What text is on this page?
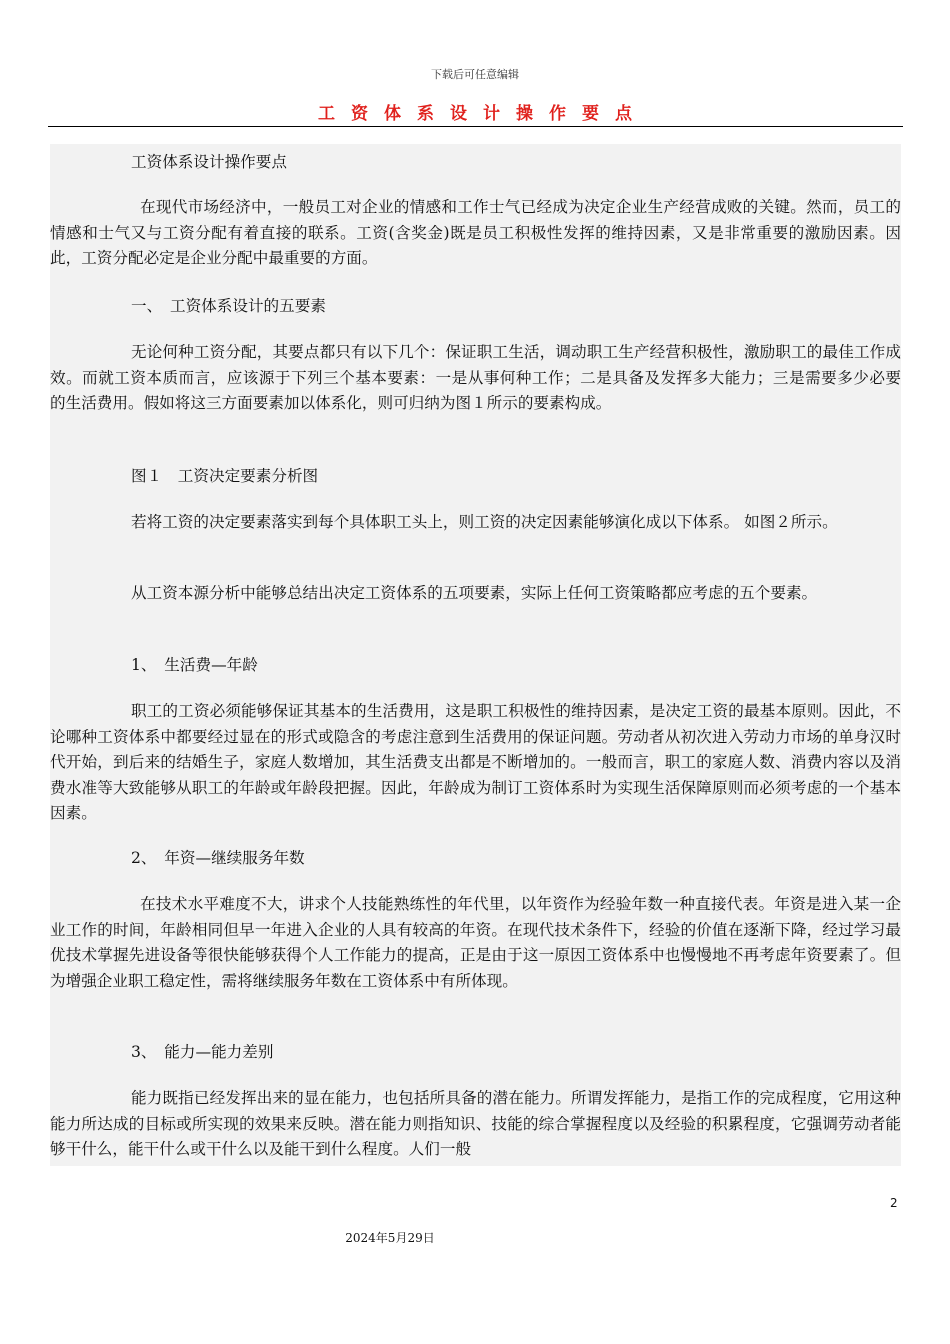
下载后可任意编辑
工资体系设计操作要点

工资体系设计操作要点

在现代市场经济中，一般员工对企业的情感和工作士气已经成为决定企业生产经营成败的关键。然而，员工的情感和士气又与工资分配有着直接的联系。工资(含奖金)既是员工积极性发挥的维持因素，又是非常重要的激励因素。因此，工资分配必定是企业分配中最重要的方面。

一、　工资体系设计的五要素

无论何种工资分配，其要点都只有以下几个：保证职工生活，调动职工生产经营积极性，激励职工的最佳工作成效。而就工资本质而言，应该源于下列三个基本要素：一是从事何种工作；二是具备及发挥多大能力；三是需要多少必要　的生活费用。假如将这三方面要素加以体系化，则可归纳为图１所示的要素构成。

图１　工资决定要素分析图

若将工资的决定要素落实到每个具体职工头上，则工资的决定因素能够演化成以下体系。 如图２所示。

从工资本源分析中能够总结出决定工资体系的五项要素，实际上任何工资策略都应考虑的五个要素。

1、　生活费—年龄

职工的工资必须能够保证其基本的生活费用，这是职工积极性的维持因素，是决定工资的最基本原则。因此，不论哪种工资体系中都要经过显在的形式或隐含的考虑注意到生活费用的保证问题。劳动者从初次进入劳动力市场的单身汉时代开始，到后来的结婚生子，家庭人数增加，其生活费支出都是不断增加的。一般而言，职工的家庭人数、消费内容以及消费水准等大致能够从职工的年龄或年龄段把握。因此，年龄成为制订工资体系时为实现生活保障原则而必须考虑的一个基本因素。

2、　年资—继续服务年数

在技术水平难度不大，讲求个人技能熟练性的年代里，以年资作为经验年数一种直接代表。年资是进入某一企业工作的时间，年龄相同但早一年进入企业的人具有较高的年资。在现代技术条件下，经验的价值在逐渐下降，经过学习最优技术掌握先进设备等很快能够获得个人工作能力的提高，正是由于这一原因工资体系中也慢慢地不再考虑年资要素了。但为增强企业职工稳定性，需将继续服务年数在工资体系中有所体现。

3、　能力—能力差别

能力既指已经发挥出来的显在能力，也包括所具备的潜在能力。所谓发挥能力，是指工作的完成程度，它用这种能力所达成的目标或所实现的效果来反映。潜在能力则指知识、技能的综合掌握程度以及经验的积累程度，它强调劳动者能够干什么，能干什么或干什么以及能干到什么程度。人们一般

2
2024年5月29日
